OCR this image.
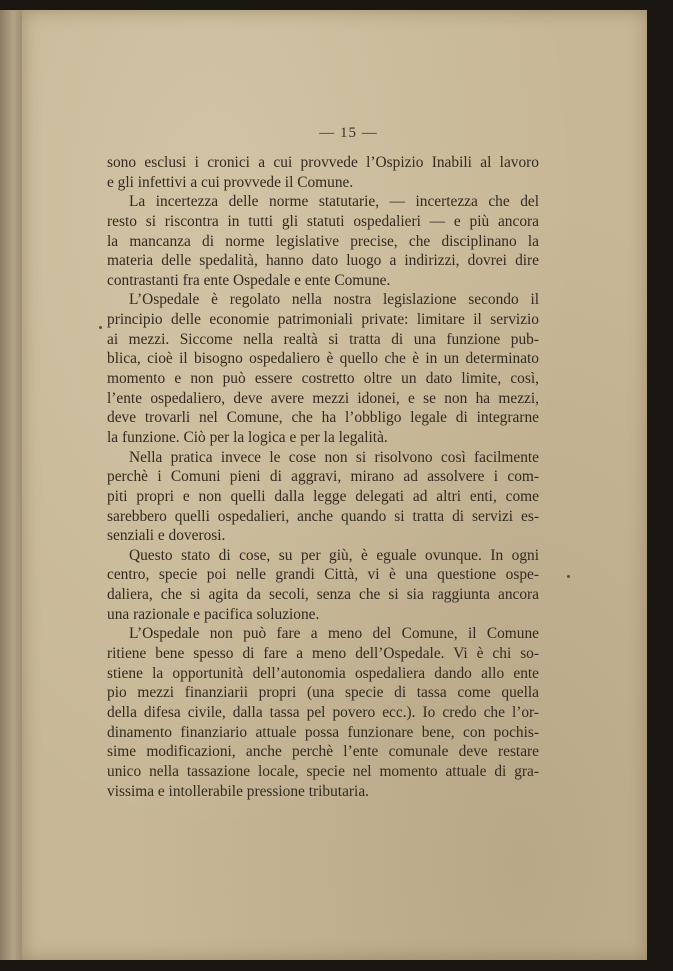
— 15 —
sono esclusi i cronici a cui provvede l’Ospizio Inabili al lavoro
e gli infettivi a cui provvede il Comune.
La incertezza delle norme statutarie, — incertezza che del
resto si riscontra in tutti gli statuti ospedalieri — e più ancora
la mancanza di norme legislative precise, che disciplinano la
materia delle spedalità, hanno dato luogo a indirizzi, dovrei dire
contrastanti fra ente Ospedale e ente Comune.
L’Ospedale è regolato nella nostra legislazione secondo il
principio delle economie patrimoniali private: limitare il servizio
ai mezzi. Siccome nella realtà si tratta di una funzione pub-
blica, cioè il bisogno ospedaliero è quello che è in un determinato
momento e non può essere costretto oltre un dato limite, così,
l’ente ospedaliero, deve avere mezzi idonei, e se non ha mezzi,
deve trovarli nel Comune, che ha l’obbligo legale di integrarne
la funzione. Ciò per la logica e per la legalità.
Nella pratica invece le cose non si risolvono così facilmente
perchè i Comuni pieni di aggravi, mirano ad assolvere i com-
piti propri e non quelli dalla legge delegati ad altri enti, come
sarebbero quelli ospedalieri, anche quando si tratta di servizi es-
senziali e doverosi.
Questo stato di cose, su per giù, è eguale ovunque. In ogni
centro, specie poi nelle grandi Città, vi è una questione ospe-
daliera, che si agita da secoli, senza che si sia raggiunta ancora
una razionale e pacifica soluzione.
L’Ospedale non può fare a meno del Comune, il Comune
ritiene bene spesso di fare a meno dell’Ospedale. Vi è chi so-
stiene la opportunità dell’autonomia ospedaliera dando allo ente
pio mezzi finanziarii propri (una specie di tassa come quella
della difesa civile, dalla tassa pel povero ecc.). Io credo che l’or-
dinamento finanziario attuale possa funzionare bene, con pochis-
sime modificazioni, anche perchè l’ente comunale deve restare
unico nella tassazione locale, specie nel momento attuale di gra-
vissima e intollerabile pressione tributaria.
